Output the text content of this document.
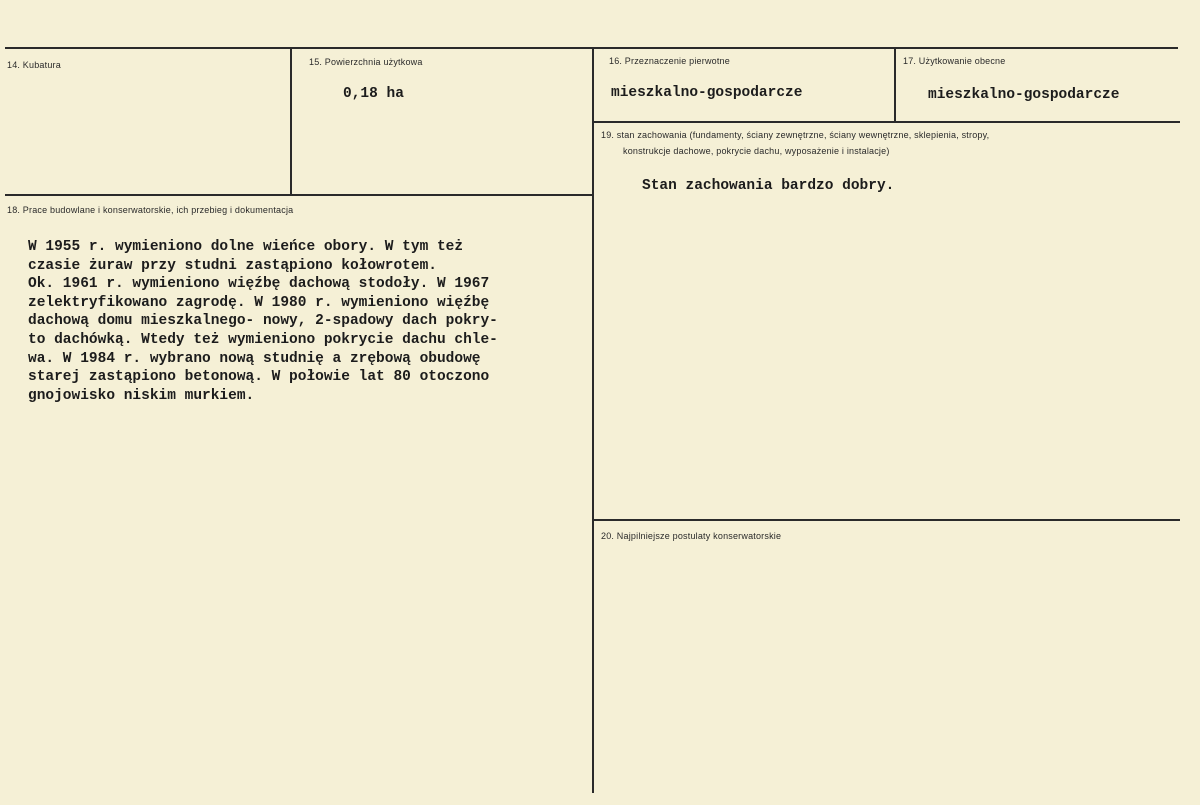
14. Kubatura	15. Powierzchnia użytkowa
0,18 ha
16. Przeznaczenie pierwotne
mieszkalno-gospodarcze
17. Użytkowanie obecne
mieszkalno-gospodarcze
18. Prace budowlane i konserwatorskie, ich przebieg i dokumentacja
W 1955 r. wymieniono dolne wieńce obory. W tym też
czasie żuraw przy studni zastąpiono kołowrotem.
Ok. 1961 r. wymieniono więźbę dachową stodoły. W 1967
zelektryfikowano zagrodę. W 1980 r. wymieniono więźbę
dachową domu mieszkalnego- nowy, 2-spadowy dach pokry-
to dachówką. Wtedy też wymieniono pokrycie dachu chle-
wa. W 1984 r. wybrano nową studnię a zrębową obudowę
starej zastąpiono betonową. W połowie lat 80 otoczono
gnojowisko niskim murkiem.
19. stan zachowania (fundamenty, ściany zewnętrzne, ściany wewnętrzne, sklepienia, stropy,
konstrukcje dachowe, pokrycie dachu, wyposażenie i instalacje)
Stan zachowania bardzo dobry.
20. Najpilniejsze postulaty konserwatorskie
